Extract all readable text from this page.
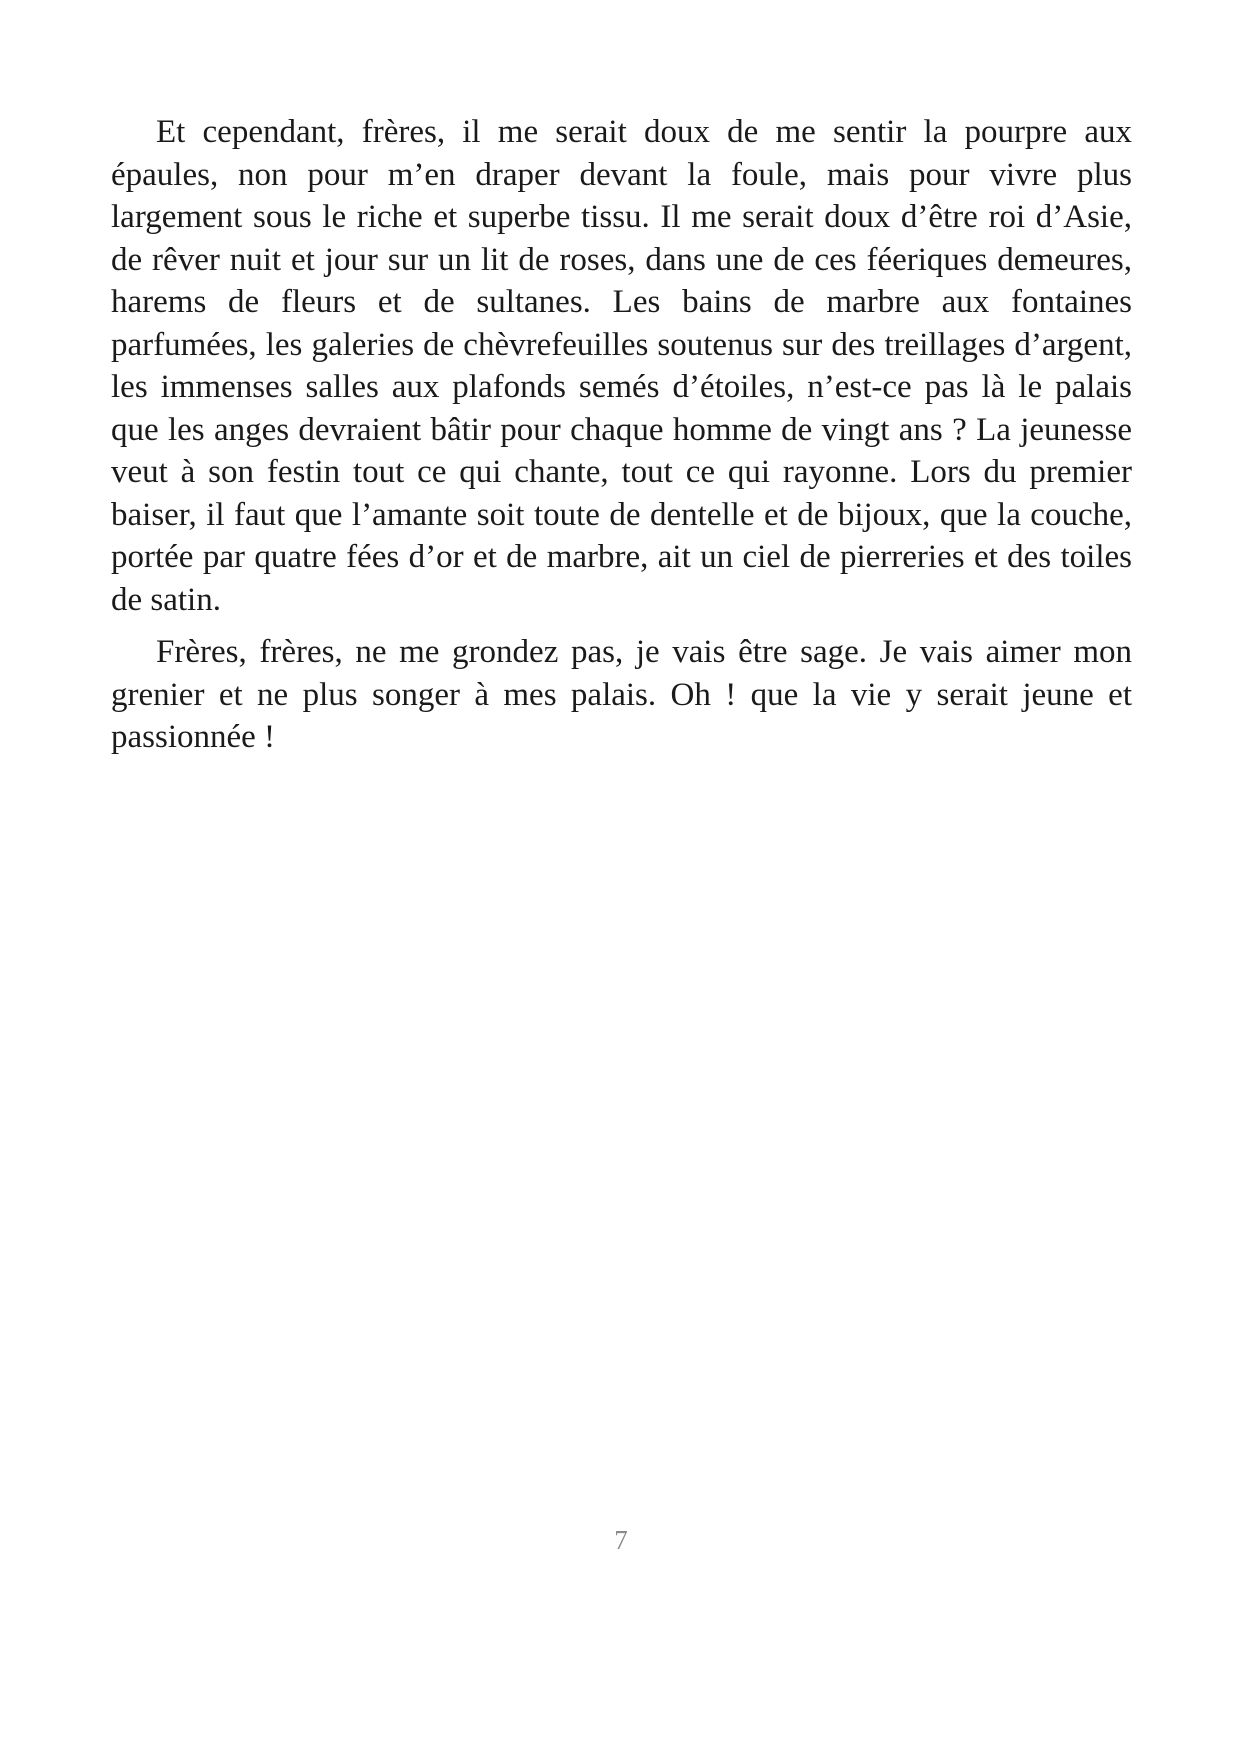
Et cependant, frères, il me serait doux de me sentir la pourpre aux épaules, non pour m’en draper devant la foule, mais pour vivre plus largement sous le riche et superbe tissu. Il me serait doux d’être roi d’Asie, de rêver nuit et jour sur un lit de roses, dans une de ces féeriques demeures, harems de fleurs et de sultanes. Les bains de marbre aux fontaines parfumées, les galeries de chèvrefeuilles soutenus sur des treillages d’argent, les immenses salles aux plafonds semés d’étoiles, n’est-ce pas là le palais que les anges devraient bâtir pour chaque homme de vingt ans ? La jeunesse veut à son festin tout ce qui chante, tout ce qui rayonne. Lors du premier baiser, il faut que l’amante soit toute de dentelle et de bijoux, que la couche, portée par quatre fées d’or et de marbre, ait un ciel de pierreries et des toiles de satin.

Frères, frères, ne me grondez pas, je vais être sage. Je vais aimer mon grenier et ne plus songer à mes palais. Oh ! que la vie y serait jeune et passionnée !

7
